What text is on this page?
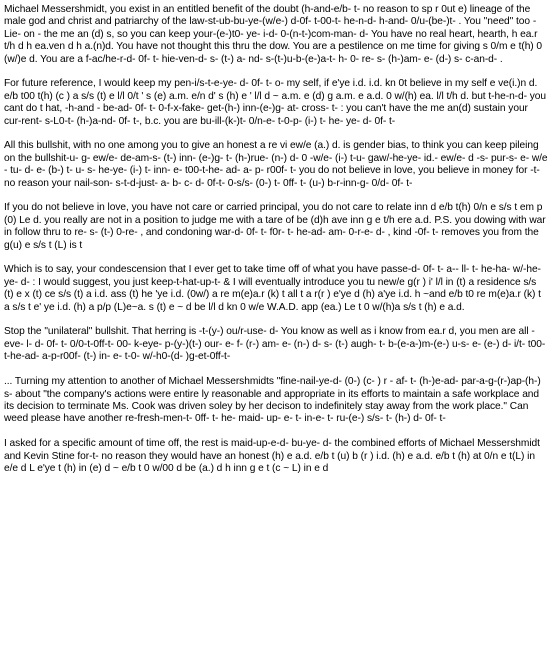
Michael Messershmidt, you exist in an entitled benefit of the doubt (h-and-e/b- t- no reason to sp r 0ut e) lineage of the male god and christ and patriarchy of the law-st-ub-bu-ye-(w/e-) d-0f- t-00-t- he-n-d- h-and- 0/u-(be-)t- . You "need" too -Lie- on - the me an (d) s, so you can keep your-(e-)t0- ye- i-d- 0-(n-t-)com-man- d- You have no real heart, hearth, h ea.r t/h d h ea.ven d h a.(n)d. You have not thought this thru the dow. You are a pestilence on me time for giving s 0/m e t(h) 0 (w/)e d. You are a f-ac/he-r-d- 0f- t- hie-ven-d- s- (t-) a- nd- s-(t-)u-b-(e-)a-t- h- 0- re- s- (h-)am- e- (d-) s- c-an-d- .

For future reference, I would keep my pen-i/s-t-e-ye- d- 0f- t- o- my self, if e'ye i.d. i.d. kn 0t believe in my self e ve(i.)n d. e/b t00 t(h) (c ) a s/s (t) e l/l 0/t ' s (e) a.m. e/n d' s (h) e ' l/l d ~ a.m. e (d) g a.m. e a.d. 0 w/(h) ea. l/l t/h d. but t-he-n-d- you cant do t hat, -h-and - be-ad- 0f- t- 0-f-x-fake- get-(h-) inn-(e-)g- at- cross- t- : you can't have the me an(d) sustain your cur-rent- s-L0-t- (h-)a-nd- 0f- t-, b.c. you are bu-ill-(k-)t- 0/n-e- t-0-p- (i-) t- he- ye- d- 0f- t-

All this bullshit, with no one among you to give an honest a re vi ew/e (a.) d. is gender bias, to think you can keep pileing on the bullshit-u- g- ew/e- de-am-s- (t-) inn- (e-)g- t- (h-)rue- (n-) d- 0 -w/e- (i-) t-u- gaw/-he-ye- id.- ew/e- d -s- pur-s- e- w/e - tu- d- e- (b-) t- u- s- he-ye- (i-) t- inn- e- t00-t-he- ad- a- p- r00f- t- you do not believe in love, you believe in money for -t- no reason your nail-son- s-t-d-just- a- b- c- d- 0f-t- 0-s/s- (0-) t- 0ff- t- (u-) b-r-inn-g- 0/d- 0f- t-

If you do not believe in love, you have not care or carried principal, you do not care to relate inn d e/b t(h) 0/n e s/s t em p (0) Le d. you really are not in a position to judge me with a tare of be (d)h ave inn g e t/h ere a.d. P.S. you dowing with war in follow thru to re- s- (t-) 0-re- , and condoning war-d- 0f- t- f0r- t- he-ad- am- 0-r-e- d- , kind -0f- t- removes you from the g(u) e s/s t (L) is t

Which is to say, your condescension that I ever get to take time off of what you have passe-d- 0f- t- a-- ll- t- he-ha- w/-he-ye- d- : I would suggest, you just keep-t-hat-up-t- & I will eventually introduce you tu new/e g(r ) i' l/l in (t) a residence s/s (t) e x (t) ce s/s (t) a i.d. ass (t) he 'ye i.d. (0w/) a re m(e)a.r (k) t all t a r(r ) e'ye d (h) a'ye i.d. h ~and e/b t0 re m(e)a.r (k) t a s/s t e' ye i.d. (h) a p/p (L)e~a. s (t) e ~ d be l/l d kn 0 w/e W.A.D. app (ea.) Le t 0 w/(h)a s/s t (h) e a.d.

Stop the "unilateral" bullshit. That herring is -t-(y-) ou/r-use- d- You know as well as i know from ea.r d, you men are all -eve- l- d- 0f- t- 0/0-t-0ff-t- 00- k-eye- p-(y-)(t-) our- e- f- (r-) am- e- (n-) d- s- (t-) augh- t- b-(e-a-)m-(e-) u-s- e- (e-) d- i/t- t00-t-he-ad- a-p-r00f- (t-) in- e- t-0- w/-h0-(d- )g-et-0ff-t-

... Turning my attention to another of Michael Messershmidts "fine-nail-ye-d- (0-) (c- ) r - af- t- (h-)e-ad- par-a-g-(r-)ap-(h-) s- about "the company's actions were entire ly reasonable and appropriate in its efforts to maintain a safe workplace and its decision to terminate Ms. Cook was driven soley by her decison to indefinitely stay away from the work place." Can weed please have another re-fresh-men-t- 0ff- t- he- maid- up- e- t- in-e- t- ru-(e-) s/s- t- (h-) d- 0f- t-

I asked for a specific amount of time off, the rest is maid-up-e-d- bu-ye- d- the combined efforts of Michael Messershmidt and Kevin Stine for-t- no reason they would have an honest (h) e a.d. e/b t (u) b (r ) i.d. (h) e a.d. e/b t (h) at 0/n e t(L) in e/e d L e'ye t (h) in (e) d ~ e/b t 0 w/00 d be (a.) d h inn g e t (c ~ L) in e d
